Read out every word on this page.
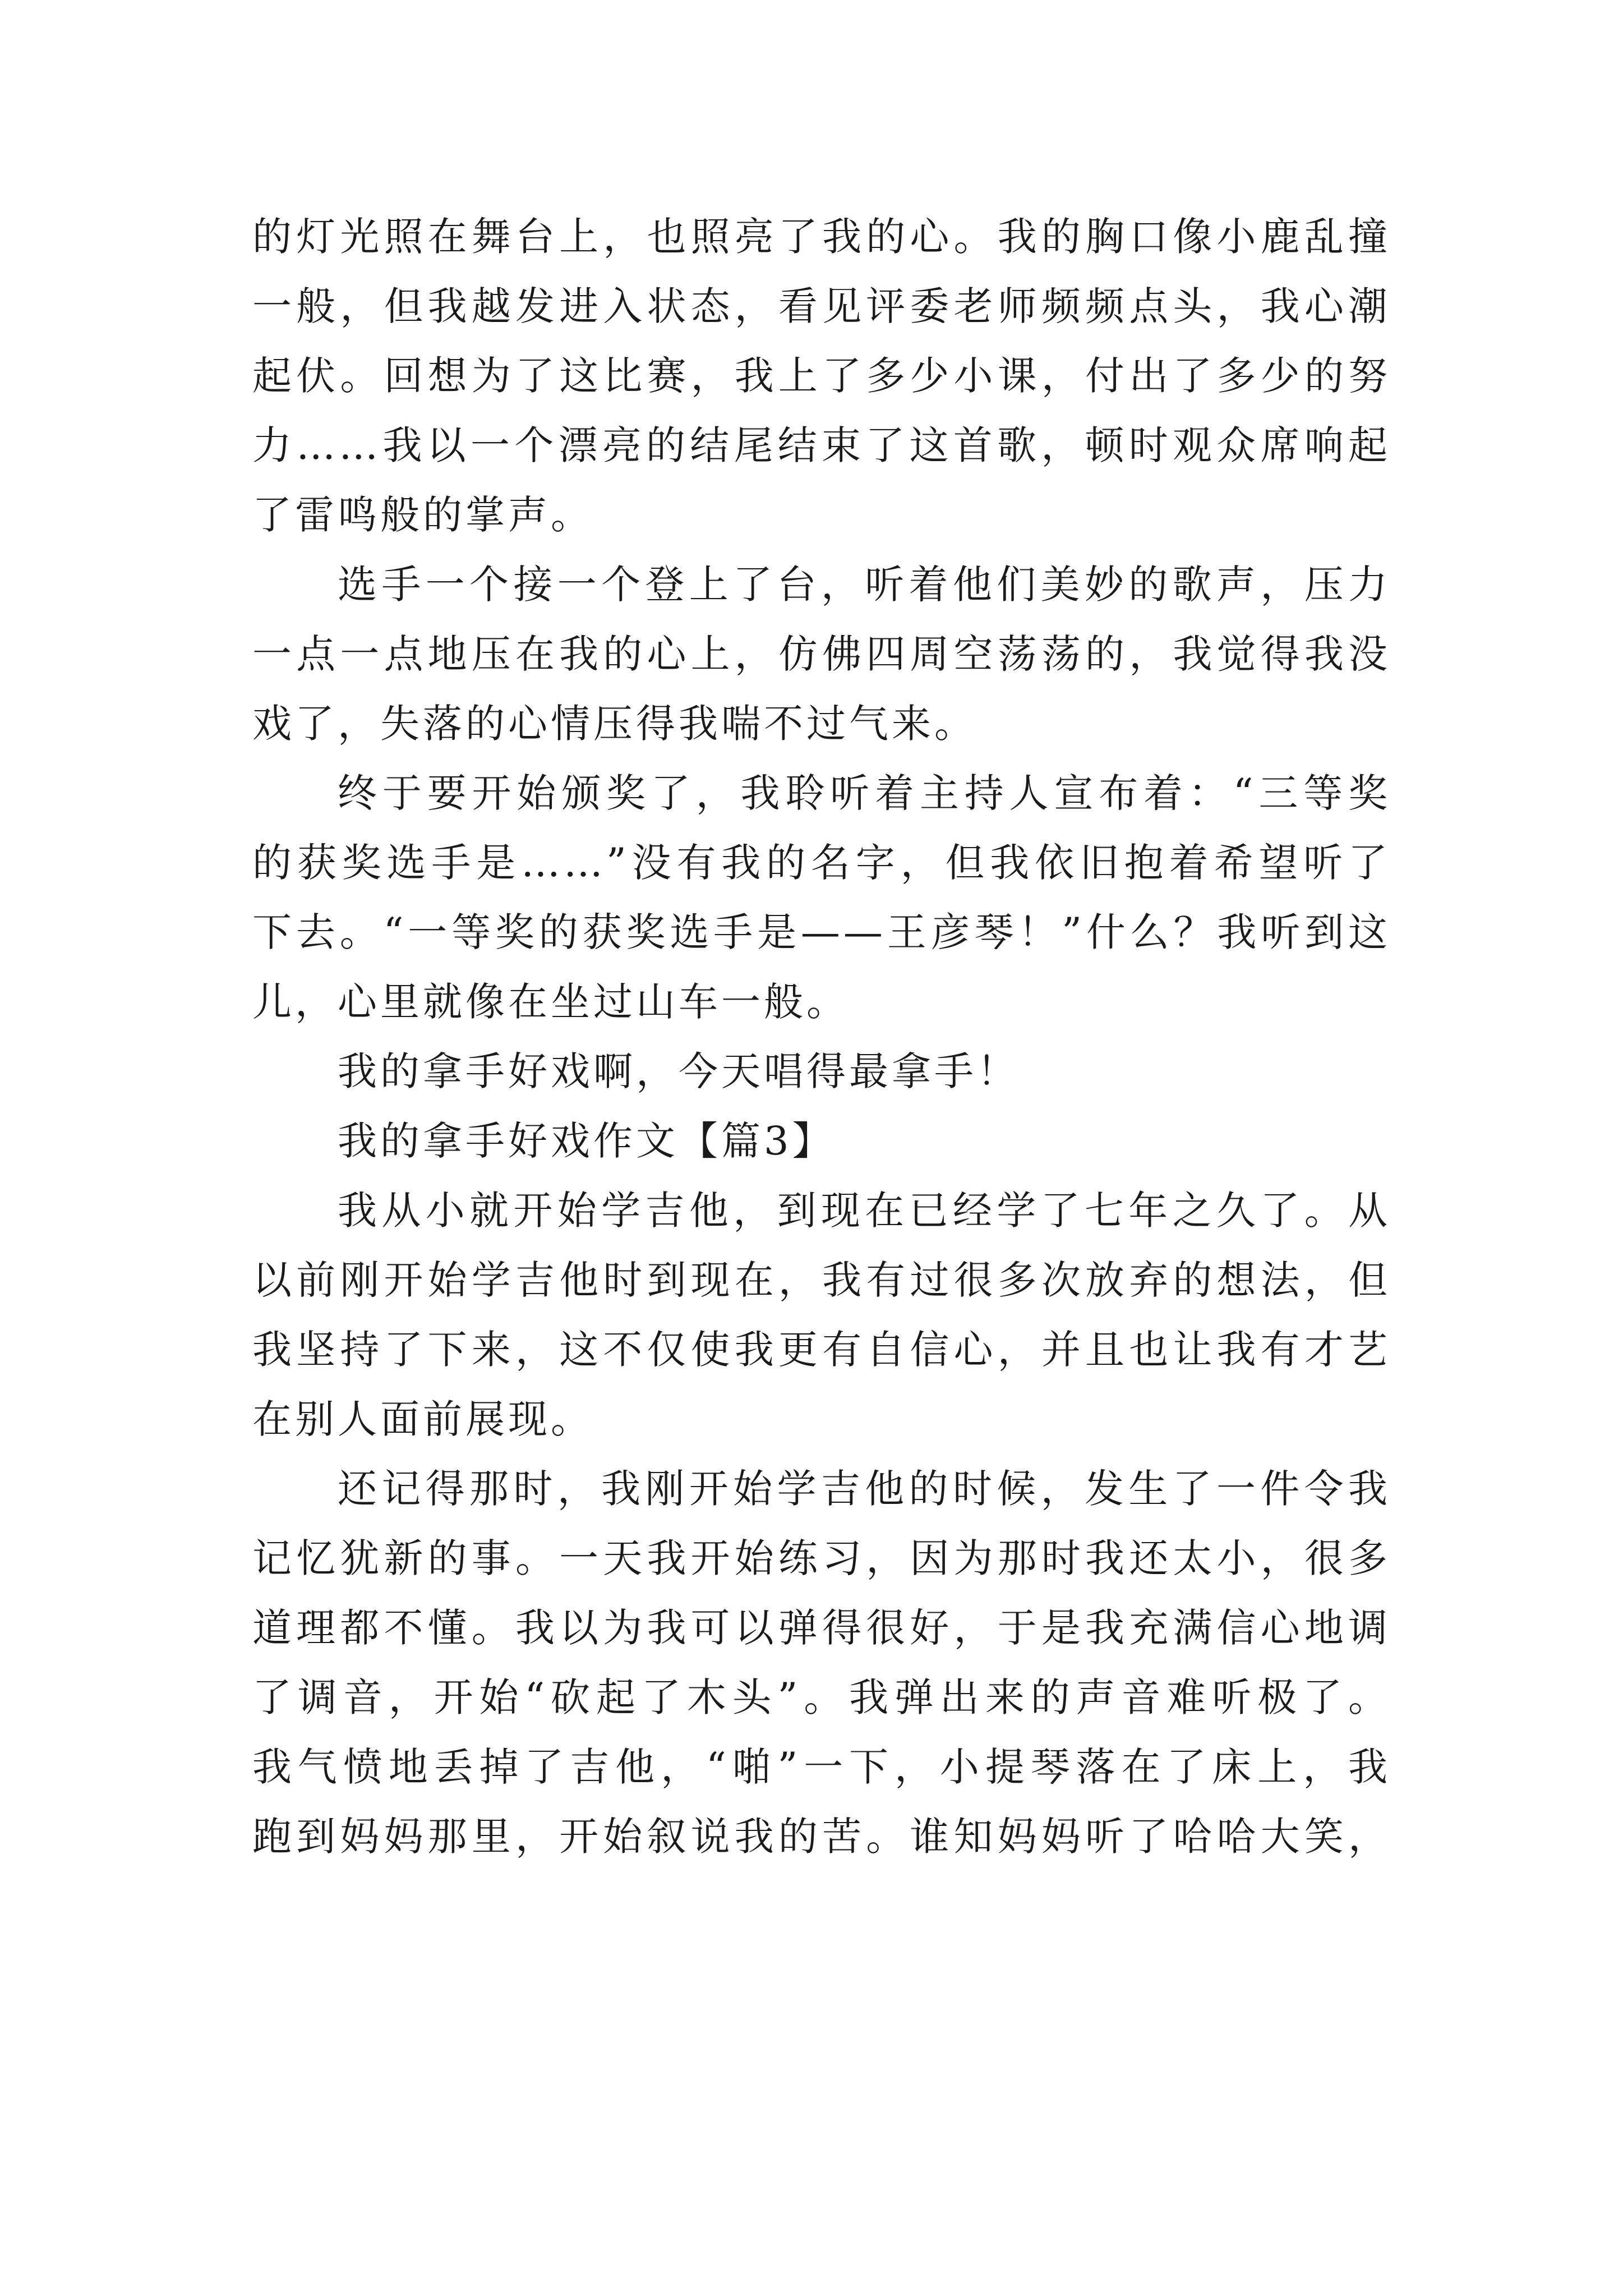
的灯光照在舞台上，也照亮了我的心。我的胸口像小鹿乱撞
一般，但我越发进入状态，看见评委老师频频点头，我心潮
起伏。回想为了这比赛，我上了多少小课，付出了多少的努
力……我以一个漂亮的结尾结束了这首歌，顿时观众席响起
了雷鸣般的掌声。
选手一个接一个登上了台，听着他们美妙的歌声，压力
一点一点地压在我的心上，仿佛四周空荡荡的，我觉得我没
戏了，失落的心情压得我喘不过气来。
终于要开始颁奖了，我聆听着主持人宣布着：“三等奖
的获奖选手是……”没有我的名字，但我依旧抱着希望听了
下去。“一等奖的获奖选手是——王彦琴！”什么？我听到这
儿，心里就像在坐过山车一般。
我的拿手好戏啊，今天唱得最拿手！
我的拿手好戏作文【篇3】
我从小就开始学吉他，到现在已经学了七年之久了。从
以前刚开始学吉他时到现在，我有过很多次放弃的想法，但
我坚持了下来，这不仅使我更有自信心，并且也让我有才艺
在别人面前展现。
还记得那时，我刚开始学吉他的时候，发生了一件令我
记忆犹新的事。一天我开始练习，因为那时我还太小，很多
道理都不懂。我以为我可以弹得很好，于是我充满信心地调
了调音，开始“砍起了木头”。我弹出来的声音难听极了。
我气愤地丢掉了吉他，“啪”一下，小提琴落在了床上，我
跑到妈妈那里，开始叙说我的苦。谁知妈妈听了哈哈大笑，
